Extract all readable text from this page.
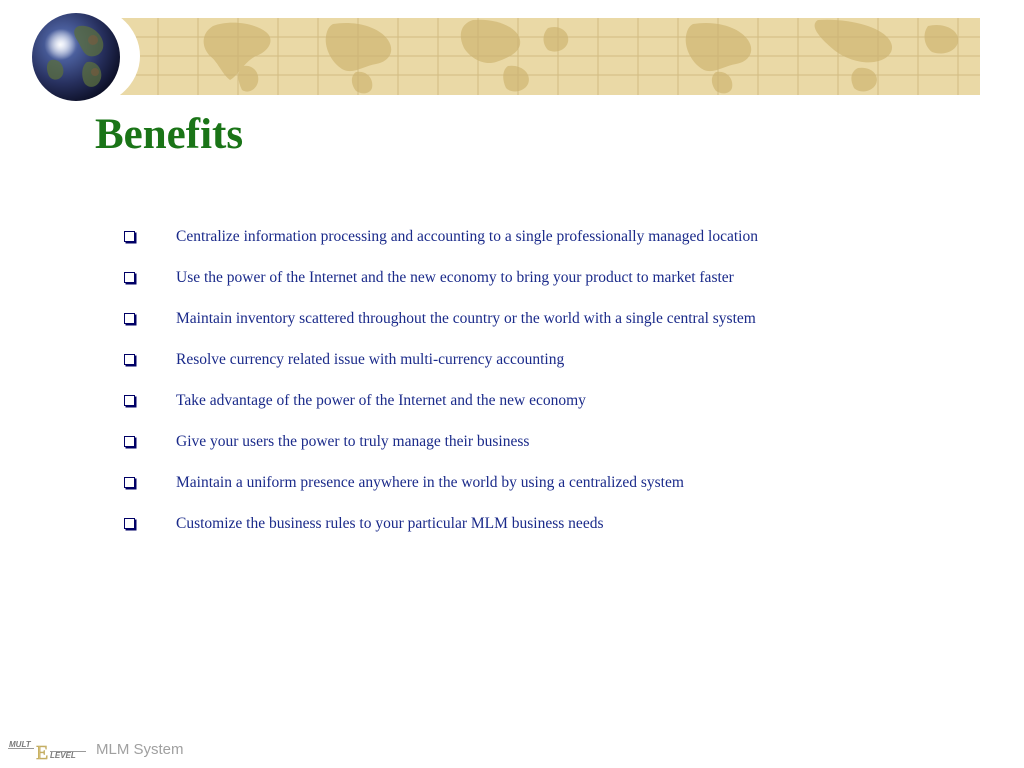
Benefits
Centralize information processing and accounting to a single professionally managed location
Use the power of the Internet and the new economy to bring your product to market faster
Maintain inventory scattered throughout the country or the world with a single central system
Resolve currency related issue with multi-currency accounting
Take advantage of the power of the Internet and the new economy
Give your users the power to truly manage their business
Maintain a uniform presence anywhere in the world by using a centralized system
Customize the business rules to your particular MLM business needs
MULT E LEVEL MLM System
